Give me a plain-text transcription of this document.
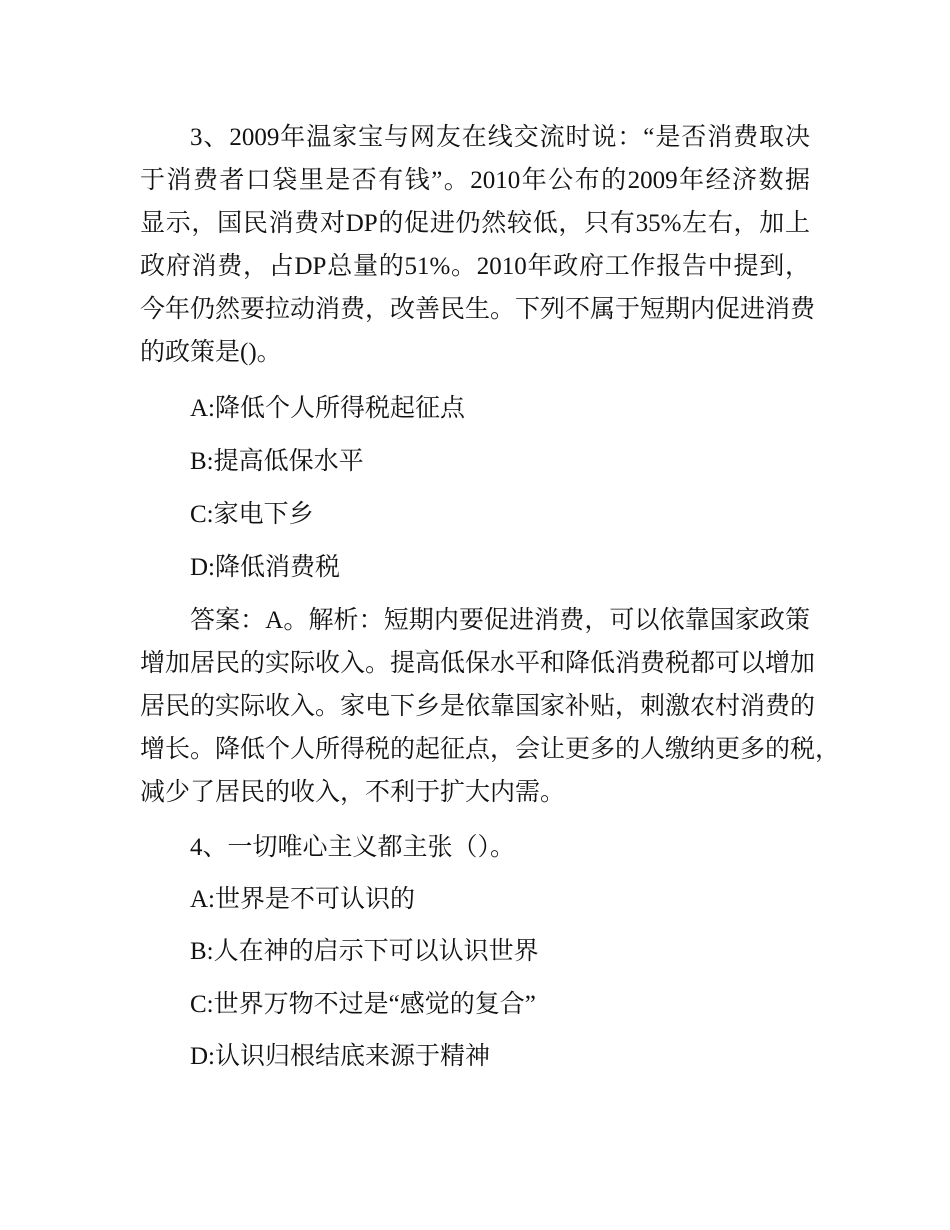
3、2009年温家宝与网友在线交流时说：“是否消费取决
于消费者口袋里是否有钱”。2010年公布的2009年经济数据
显示，国民消费对DP的促进仍然较低，只有35%左右，加上
政府消费，占DP总量的51%。2010年政府工作报告中提到，
今年仍然要拉动消费，改善民生。下列不属于短期内促进消费
的政策是()。
A:降低个人所得税起征点
B:提高低保水平
C:家电下乡
D:降低消费税
答案：A。解析：短期内要促进消费，可以依靠国家政策
增加居民的实际收入。提高低保水平和降低消费税都可以增加
居民的实际收入。家电下乡是依靠国家补贴，刺激农村消费的
增长。降低个人所得税的起征点，会让更多的人缴纳更多的税，
减少了居民的收入，不利于扩大内需。
4、一切唯心主义都主张（）。
A:世界是不可认识的
B:人在神的启示下可以认识世界
C:世界万物不过是“感觉的复合”
D:认识归根结底来源于精神
